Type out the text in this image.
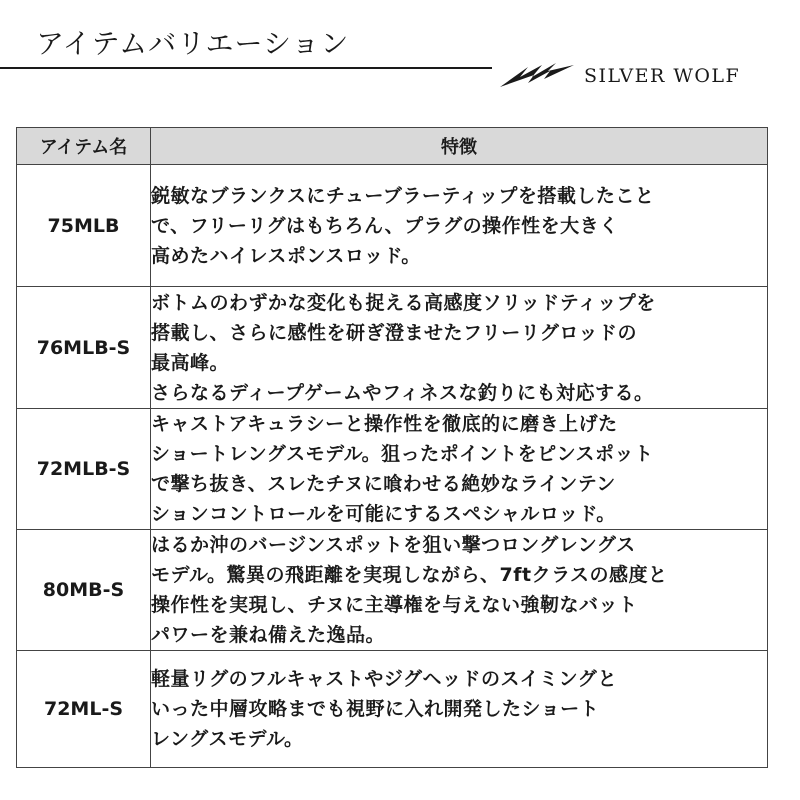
アイテムバリエーション
SILVER WOLF
アイテム名	特徴
75MLB	鋭敏なブランクスにチューブラーティップを搭載したこと
で、フリーリグはもちろん、プラグの操作性を大きく
高めたハイレスポンスロッド。
76MLB-S	ボトムのわずかな変化も捉える高感度ソリッドティップを
搭載し、さらに感性を研ぎ澄ませたフリーリグロッドの
最高峰。
さらなるディープゲームやフィネスな釣りにも対応する。
72MLB-S	キャストアキュラシーと操作性を徹底的に磨き上げた
ショートレングスモデル。狙ったポイントをピンスポット
で撃ち抜き、スレたチヌに喰わせる絶妙なラインテン
ションコントロールを可能にするスペシャルロッド。
80MB-S	はるか沖のバージンスポットを狙い撃つロングレングス
モデル。驚異の飛距離を実現しながら、7ftクラスの感度と
操作性を実現し、チヌに主導権を与えない強靭なバット
パワーを兼ね備えた逸品。
72ML-S	軽量リグのフルキャストやジグヘッドのスイミングと
いった中層攻略までも視野に入れ開発したショート
レングスモデル。
